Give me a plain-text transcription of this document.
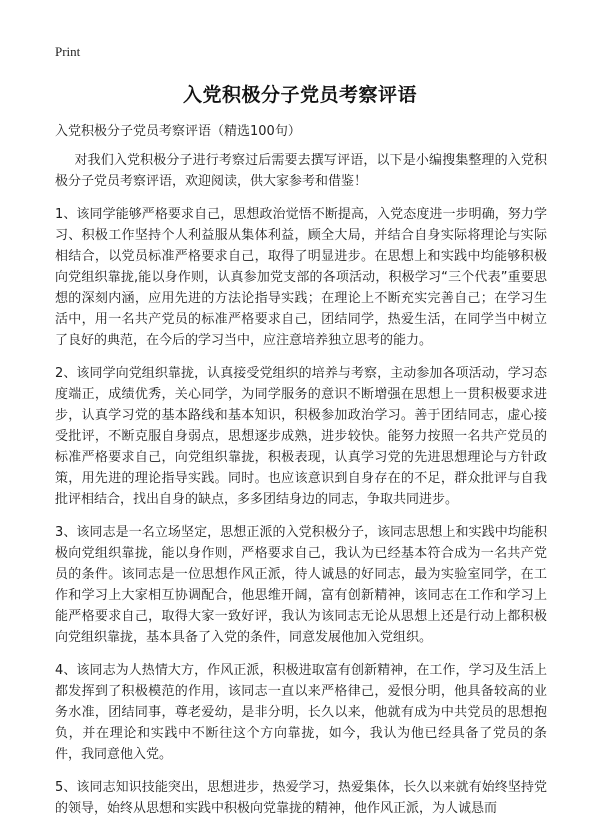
Print
入党积极分子党员考察评语
入党积极分子党员考察评语（精选100句）

对我们入党积极分子进行考察过后需要去撰写评语，以下是小编搜集整理的入党积极分子党员考察评语，欢迎阅读，供大家参考和借鉴！

1、该同学能够严格要求自己，思想政治觉悟不断提高，入党态度进一步明确，努力学习、积极工作坚持个人利益服从集体利益，顾全大局，并结合自身实际将理论与实际相结合，以党员标准严格要求自己，取得了明显进步。在思想上和实践中均能够积极向党组织靠拢,能以身作则，认真参加党支部的各项活动，积极学习“三个代表”重要思想的深刻内涵，应用先进的方法论指导实践；在理论上不断充实完善自己；在学习生活中，用一名共产党员的标准严格要求自己，团结同学，热爱生活，在同学当中树立了良好的典范，在今后的学习当中，应注意培养独立思考的能力。

2、该同学向党组织靠拢，认真接受党组织的培养与考察，主动参加各项活动，学习态度端正，成绩优秀，关心同学，为同学服务的意识不断增强在思想上一贯积极要求进步，认真学习党的基本路线和基本知识，积极参加政治学习。善于团结同志，虚心接受批评，不断克服自身弱点，思想逐步成熟，进步较快。能努力按照一名共产党员的标准严格要求自己，向党组织靠拢，积极表现，认真学习党的先进思想理论与方针政策，用先进的理论指导实践。同时。也应该意识到自身存在的不足，群众批评与自我批评相结合，找出自身的缺点，多多团结身边的同志，争取共同进步。

3、该同志是一名立场坚定，思想正派的入党积极分子，该同志思想上和实践中均能积极向党组织靠拢，能以身作则，严格要求自己，我认为已经基本符合成为一名共产党员的条件。该同志是一位思想作风正派，待人诚恳的好同志，最为实验室同学，在工作和学习上大家相互协调配合，他思维开阔，富有创新精神，该同志在工作和学习上能严格要求自己，取得大家一致好评，我认为该同志无论从思想上还是行动上都积极向党组织靠拢，基本具备了入党的条件，同意发展他加入党组织。

4、该同志为人热情大方，作风正派，积极进取富有创新精神，在工作，学习及生活上都发挥到了积极模范的作用，该同志一直以来严格律己，爱恨分明，他具备较高的业务水准，团结同事，尊老爱幼，是非分明，长久以来，他就有成为中共党员的思想抱负，并在理论和实践中不断往这个方向靠拢，如今，我认为他已经具备了党员的条件，我同意他入党。

5、该同志知识技能突出，思想进步，热爱学习，热爱集体，长久以来就有始终坚持党的领导，始终从思想和实践中积极向党靠拢的精神，他作风正派，为人诚恳而
